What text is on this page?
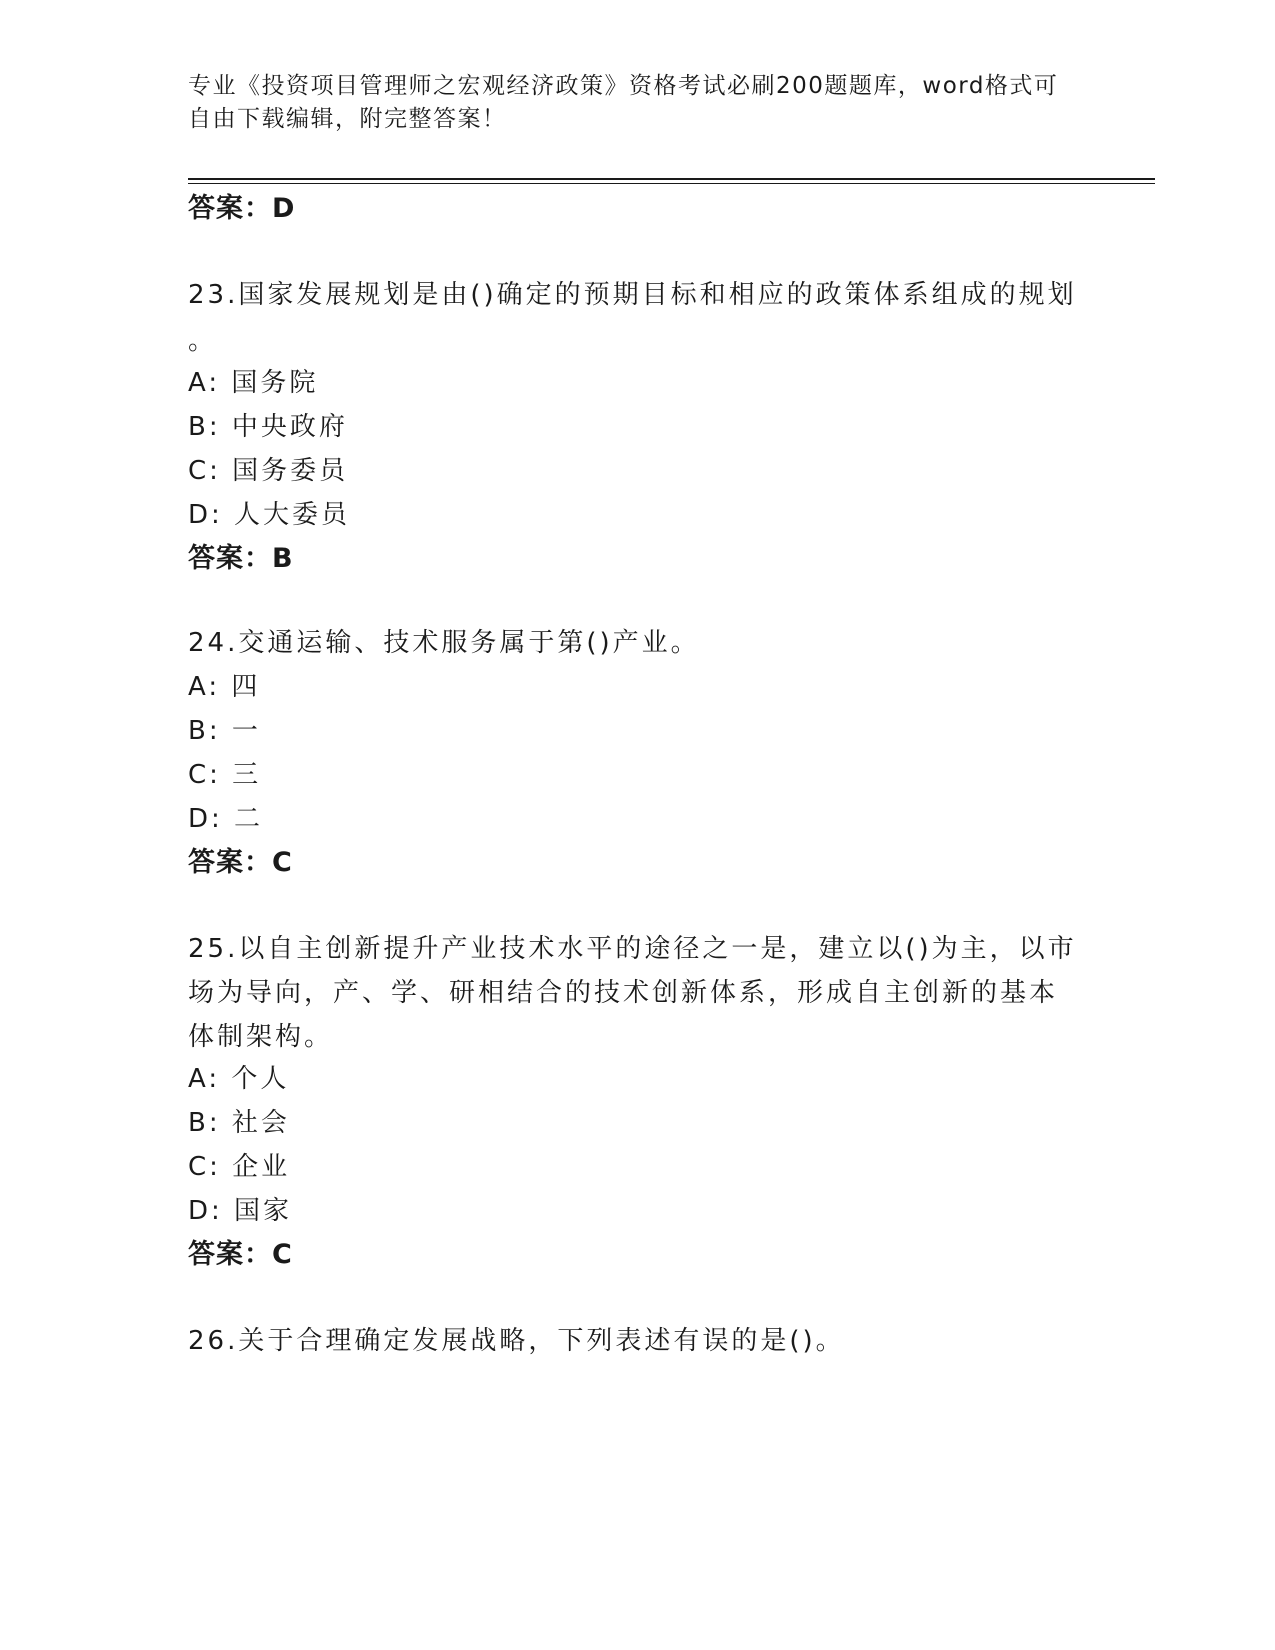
专业《投资项目管理师之宏观经济政策》资格考试必刷200题题库，word格式可
自由下载编辑，附完整答案！
答案：D
23.国家发展规划是由()确定的预期目标和相应的政策体系组成的规划
。
A: 国务院
B: 中央政府
C: 国务委员
D: 人大委员
答案：B
24.交通运输、技术服务属于第()产业。
A: 四
B: 一
C: 三
D: 二
答案：C
25.以自主创新提升产业技术水平的途径之一是，建立以()为主，以市
场为导向，产、学、研相结合的技术创新体系，形成自主创新的基本
体制架构。
A: 个人
B: 社会
C: 企业
D: 国家
答案：C
26.关于合理确定发展战略，下列表述有误的是()。
